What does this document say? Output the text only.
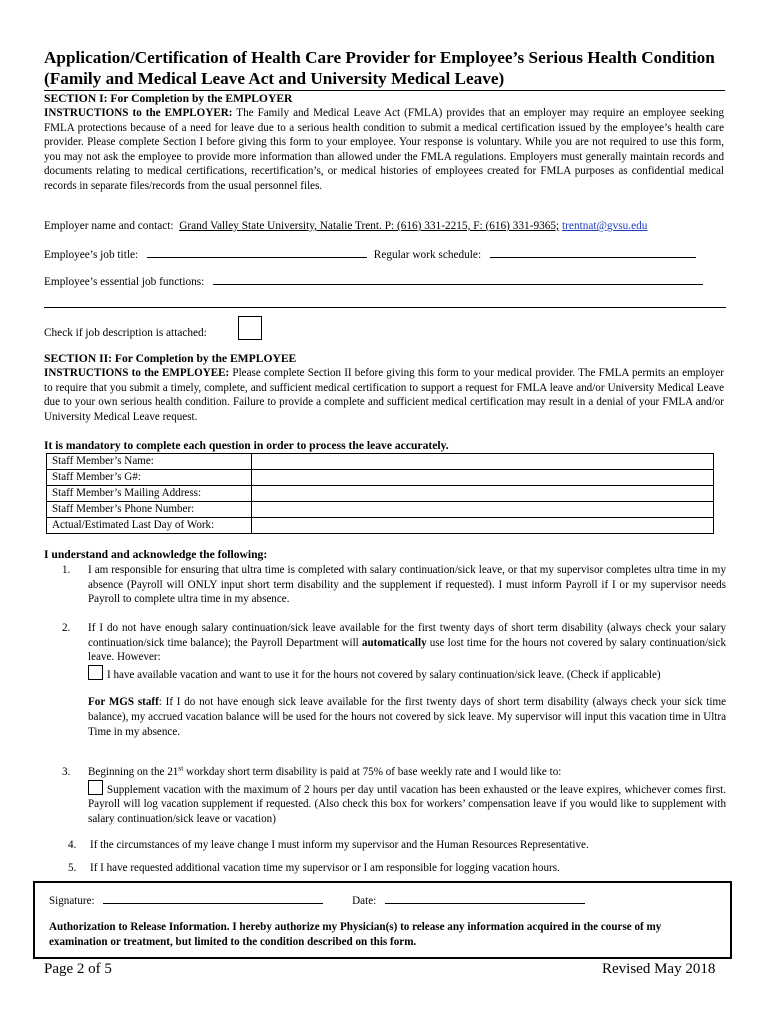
Application/Certification of Health Care Provider for Employee’s Serious Health Condition
(Family and Medical Leave Act and University Medical Leave)
SECTION I: For Completion by the EMPLOYER
INSTRUCTIONS to the EMPLOYER: The Family and Medical Leave Act (FMLA) provides that an employer may require an employee seeking FMLA protections because of a need for leave due to a serious health condition to submit a medical certification issued by the employee’s health care provider. Please complete Section I before giving this form to your employee. Your response is voluntary. While you are not required to use this form, you may not ask the employee to provide more information than allowed under the FMLA regulations. Employers must generally maintain records and documents relating to medical certifications, recertification’s, or medical histories of employees created for FMLA purposes as confidential medical records in separate files/records from the usual personnel files.
Employer name and contact: Grand Valley State University, Natalie Trent. P: (616) 331-2215, F: (616) 331-9365; trentnat@gvsu.edu
Employee’s job title:	Regular work schedule:
Employee’s essential job functions:
Check if job description is attached:
SECTION II: For Completion by the EMPLOYEE
INSTRUCTIONS to the EMPLOYEE: Please complete Section II before giving this form to your medical provider. The FMLA permits an employer to require that you submit a timely, complete, and sufficient medical certification to support a request for FMLA leave and/or University Medical Leave due to your own serious health condition. Failure to provide a complete and sufficient medical certification may result in a denial of your FMLA and/or University Medical Leave request.
It is mandatory to complete each question in order to process the leave accurately.
Staff Member’s Name:	
Staff Member’s G#:	
Staff Member’s Mailing Address:	
Staff Member’s Phone Number:	
Actual/Estimated Last Day of Work:	
I understand and acknowledge the following:
1. I am responsible for ensuring that ultra time is completed with salary continuation/sick leave, or that my supervisor completes ultra time in my absence (Payroll will ONLY input short term disability and the supplement if requested). I must inform Payroll if I or my supervisor needs Payroll to complete ultra time in my absence.
2. If I do not have enough salary continuation/sick leave available for the first twenty days of short term disability (always check your salary continuation/sick time balance); the Payroll Department will automatically use lost time for the hours not covered by salary continuation/sick leave. However:
I have available vacation and want to use it for the hours not covered by salary continuation/sick leave. (Check if applicable)
For MGS staff: If I do not have enough sick leave available for the first twenty days of short term disability (always check your sick time balance), my accrued vacation balance will be used for the hours not covered by sick leave. My supervisor will input this vacation time in Ultra Time in my absence.
3. Beginning on the 21st workday short term disability is paid at 75% of base weekly rate and I would like to:
Supplement vacation with the maximum of 2 hours per day until vacation has been exhausted or the leave expires, whichever comes first. Payroll will log vacation supplement if requested. (Also check this box for workers’ compensation leave if you would like to supplement with salary continuation/sick leave or vacation)
4. If the circumstances of my leave change I must inform my supervisor and the Human Resources Representative.
5. If I have requested additional vacation time my supervisor or I am responsible for logging vacation hours.
Signature:	Date:
Authorization to Release Information. I hereby authorize my Physician(s) to release any information acquired in the course of my examination or treatment, but limited to the condition described on this form.
Page 2 of 5	Revised May 2018
